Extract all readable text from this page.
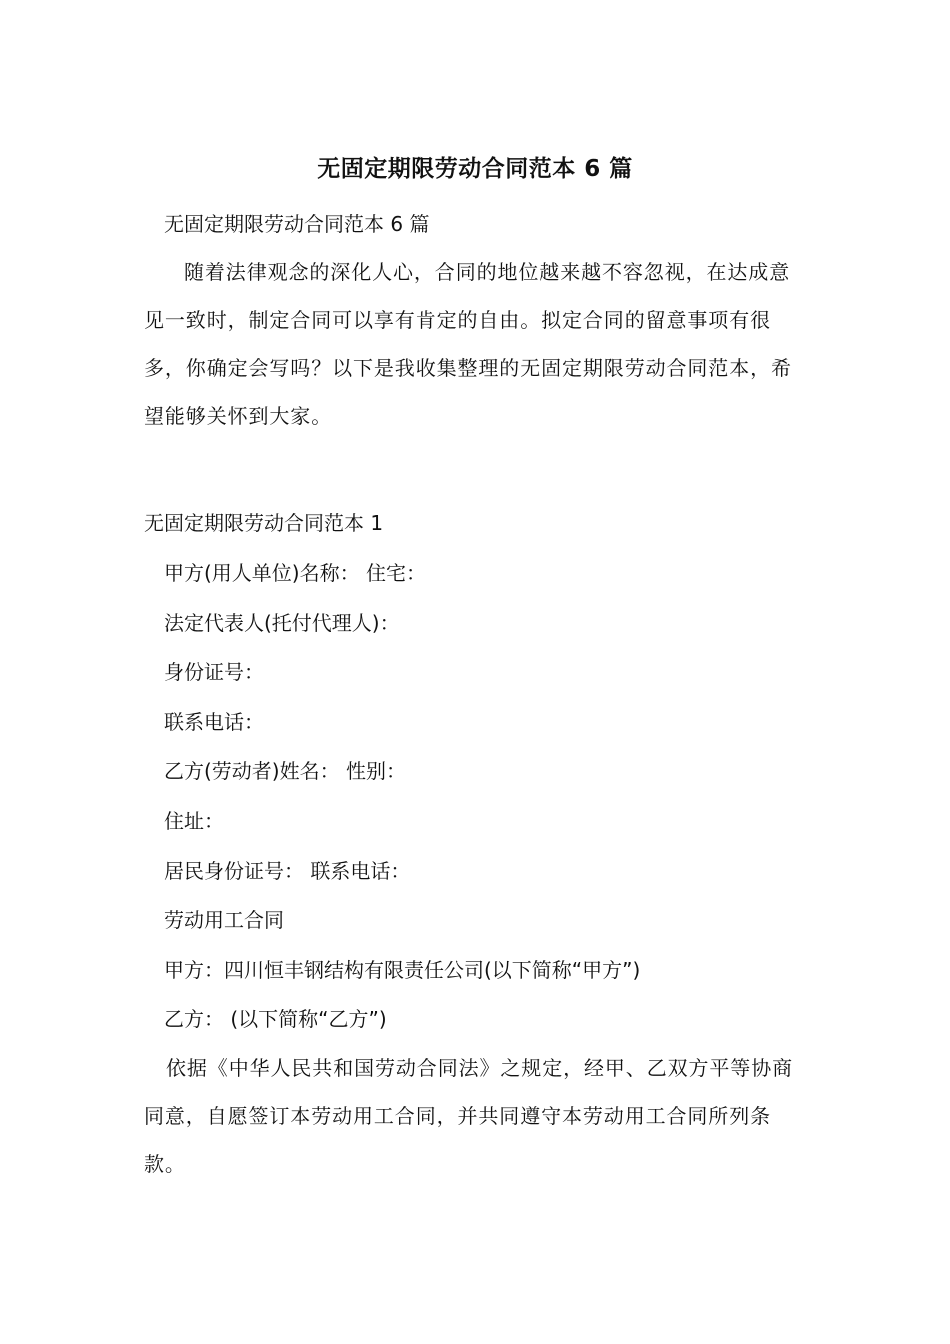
无固定期限劳动合同范本 6 篇
无固定期限劳动合同范本 6 篇
随着法律观念的深化人心，合同的地位越来越不容忽视，在达成意见一致时，制定合同可以享有肯定的自由。拟定合同的留意事项有很多，你确定会写吗？以下是我收集整理的无固定期限劳动合同范本，希望能够关怀到大家。
无固定期限劳动合同范本 1
甲方(用人单位)名称： 住宅：
法定代表人(托付代理人)：
身份证号：
联系电话：
乙方(劳动者)姓名： 性别：
住址：
居民身份证号： 联系电话：
劳动用工合同
甲方：四川恒丰钢结构有限责任公司(以下简称“甲方”)
乙方： (以下简称“乙方”)
依据《中华人民共和国劳动合同法》之规定，经甲、乙双方平等协商同意，自愿签订本劳动用工合同，并共同遵守本劳动用工合同所列条款。
